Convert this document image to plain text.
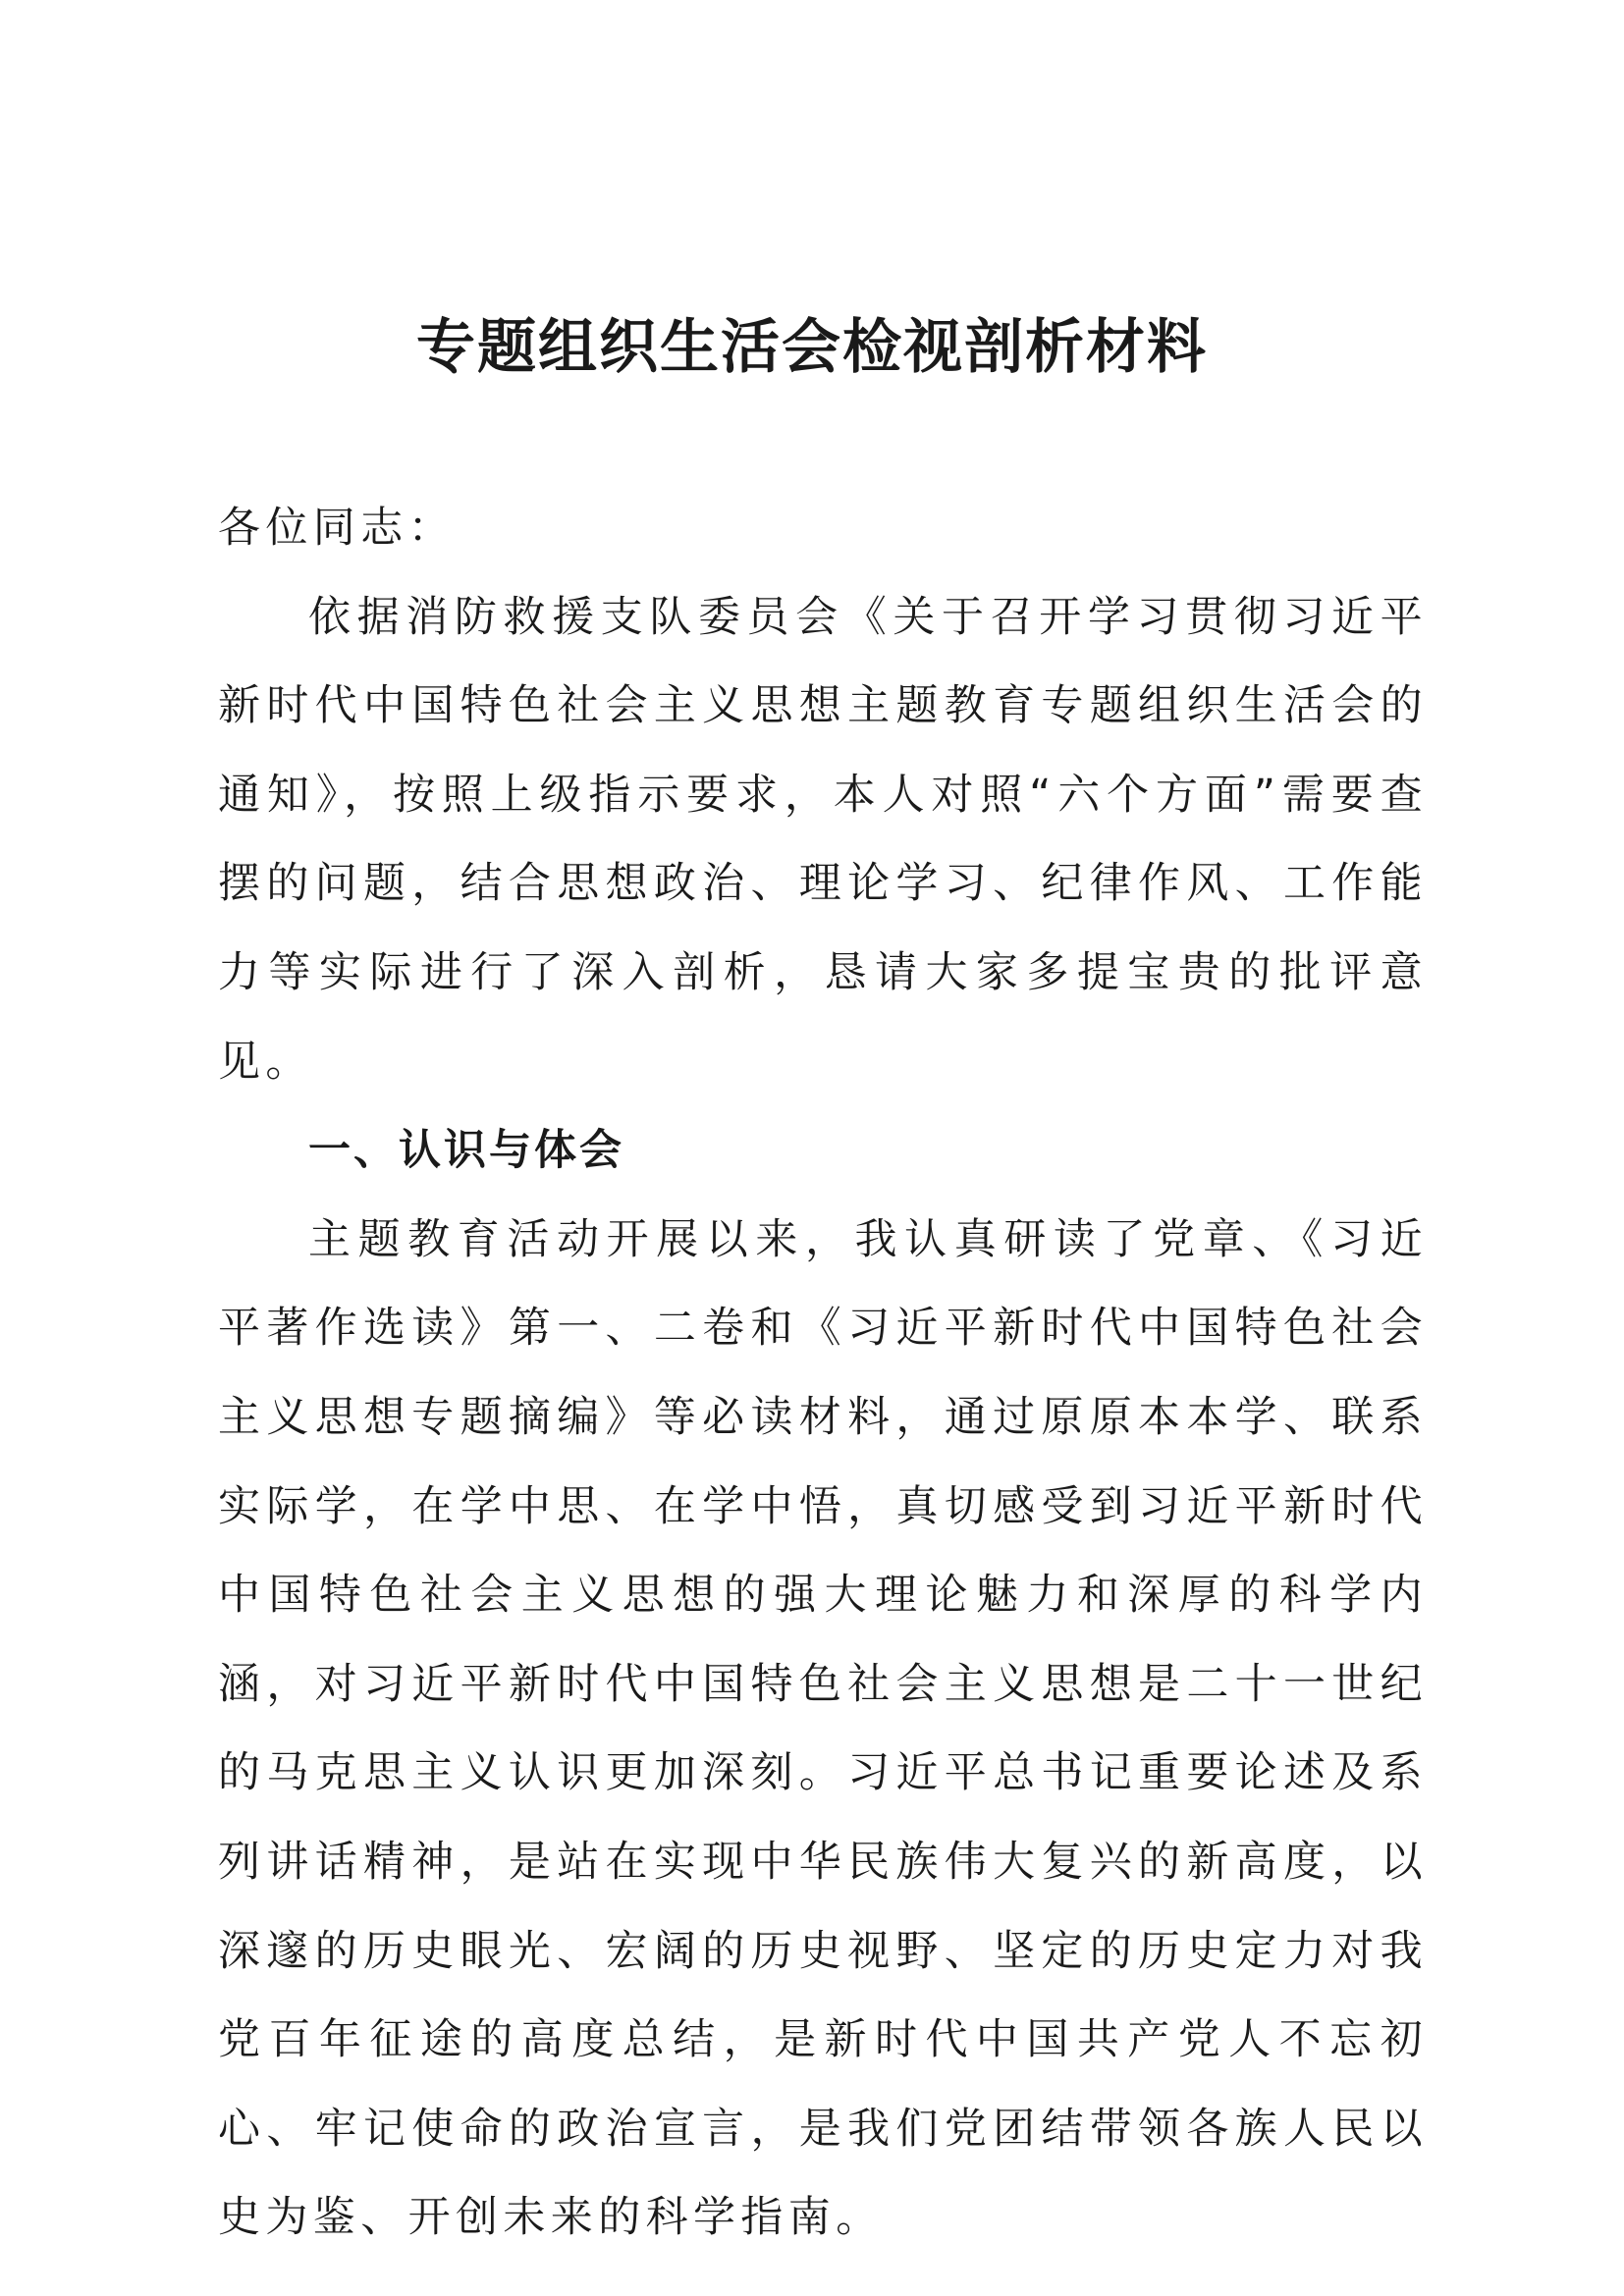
专题组织生活会检视剖析材料

各位同志：

依据消防救援支队委员会《关于召开学习贯彻习近平新时代中国特色社会主义思想主题教育专题组织生活会的通知》，按照上级指示要求，本人对照“六个方面”需要查摆的问题，结合思想政治、理论学习、纪律作风、工作能力等实际进行了深入剖析，恳请大家多提宝贵的批评意见。

一、认识与体会

主题教育活动开展以来，我认真研读了党章、《习近平著作选读》第一、二卷和《习近平新时代中国特色社会主义思想专题摘编》等必读材料，通过原原本本学、联系实际学，在学中思、在学中悟，真切感受到习近平新时代中国特色社会主义思想的强大理论魅力和深厚的科学内涵，对习近平新时代中国特色社会主义思想是二十一世纪的马克思主义认识更加深刻。习近平总书记重要论述及系列讲话精神，是站在实现中华民族伟大复兴的新高度，以深邃的历史眼光、宏阔的历史视野、坚定的历史定力对我党百年征途的高度总结，是新时代中国共产党人不忘初心、牢记使命的政治宣言，是我们党团结带领各族人民以史为鉴、开创未来的科学指南。
